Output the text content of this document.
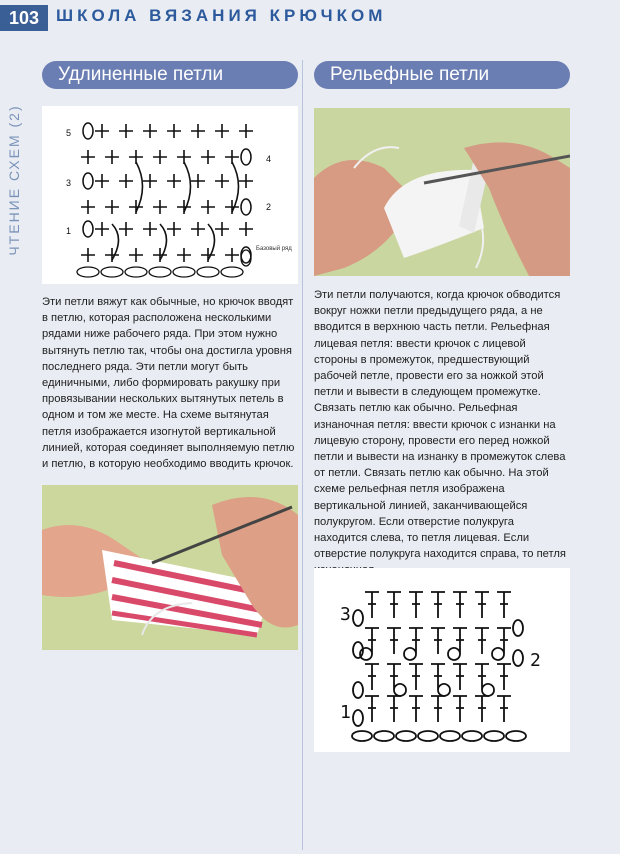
103 ШКОЛА ВЯЗАНИЯ КРЮЧКОМ
ЧТЕНИЕ СХЕМ (2)
Удлиненные петли	Рельефные петли
5
3
1
4
2
Базовый ряд
Эти петли вяжут как обычные, но крючок вводят в петлю, которая расположена несколькими рядами ниже рабочего ряда. При этом нужно вытянуть петлю так, чтобы она достигла уровня последнего ряда. Эти петли могут быть единичными, либо формировать ракушку при провязывании нескольких вытянутых петель в одном и том же месте. На схеме вытянутая петля изображается изогнутой вертикальной линией, которая соединяет выполняемую петлю и петлю, в которую необходимо вводить крючок.
Эти петли получаются, когда крючок обводится вокруг ножки петли предыдущего ряда, а не вводится в верхнюю часть петли. Рельефная лицевая петля: ввести крючок с лицевой стороны в промежуток, предшествующий рабочей петле, провести его за ножкой этой петли и вывести в следующем промежутке. Связать петлю как обычно. Рельефная изнаночная петля: ввести крючок с изнанки на лицевую сторону, провести его перед ножкой петли и вывести на изнанку в промежуток слева от петли. Связать петлю как обычно. На этой схеме рельефная петля изображена вертикальной линией, заканчивающейся полукругом. Если отверстие полукруга находится слева, то петля лицевая. Если отверстие полукруга находится справа, то петля

3
1
2
